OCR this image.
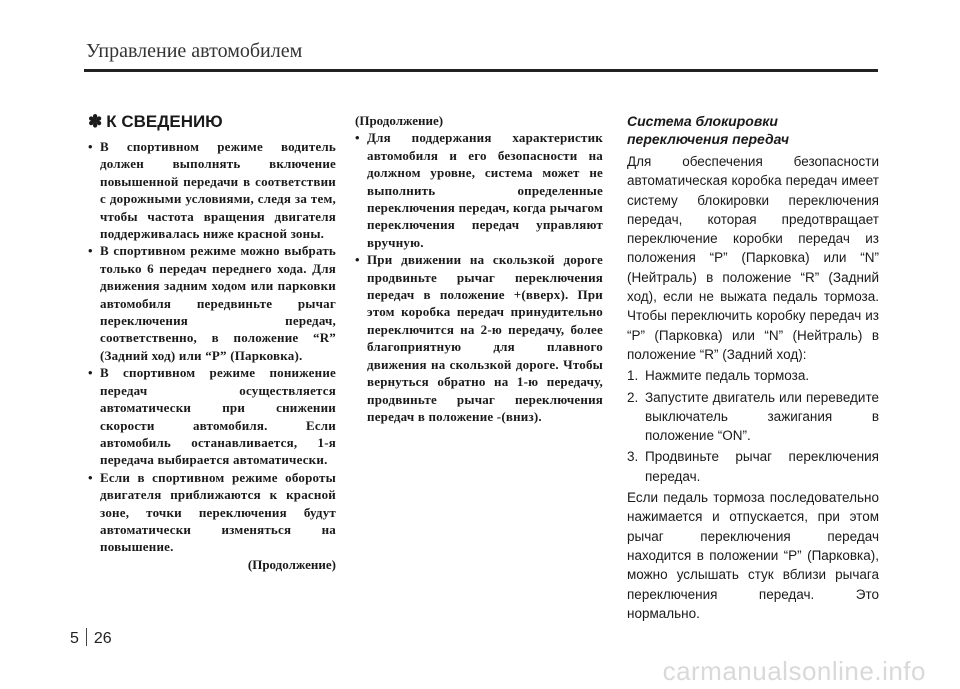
Управление автомобилем
✽ К СВЕДЕНИЮ
• В спортивном режиме водитель должен выполнять включение повышенной передачи в соответствии с дорожными условиями, следя за тем, чтобы частота вращения двигателя поддерживалась ниже красной зоны.
• В спортивном режиме можно выбрать только 6 передач переднего хода. Для движения задним ходом или парковки автомобиля передвиньте рычаг переключения передач, соответственно, в положение “R” (Задний ход) или “P” (Парковка).
• В спортивном режиме понижение передач осуществляется автоматически при снижении скорости автомобиля. Если автомобиль останавливается, 1-я передача выбирается автоматически.
• Если в спортивном режиме обороты двигателя приближаются к красной зоне, точки переключения будут автоматически изменяться на повышение.
(Продолжение)
(Продолжение)
• Для поддержания характеристик автомобиля и его безопасности на должном уровне, система может не выполнить определенные переключения передач, когда рычагом переключения передач управляют вручную.
• При движении на скользкой дороге продвиньте рычаг переключения передач в положение +(вверх). При этом коробка передач принудительно переключится на 2-ю передачу, более благоприятную для плавного движения на скользкой дороге. Чтобы вернуться обратно на 1-ю передачу, продвиньте рычаг переключения передач в положение -(вниз).
Система блокировки переключения передач

Для обеспечения безопасности автоматическая коробка передач имеет систему блокировки переключения передач, которая предотвращает переключение коробки передач из положения “P” (Парковка) или “N” (Нейтраль) в положение “R” (Задний ход), если не выжата педаль тормоза. Чтобы переключить коробку передач из “P” (Парковка) или “N” (Нейтраль) в положение “R” (Задний ход):

1. Нажмите педаль тормоза.
2. Запустите двигатель или переведите выключатель зажигания в положение “ON”.
3. Продвиньте рычаг переключения передач.

Если педаль тормоза последовательно нажимается и отпускается, при этом рычаг переключения передач находится в положении “P” (Парковка), можно услышать стук вблизи рычага переключения передач. Это нормально.

5 26
carmanualsonline.info
